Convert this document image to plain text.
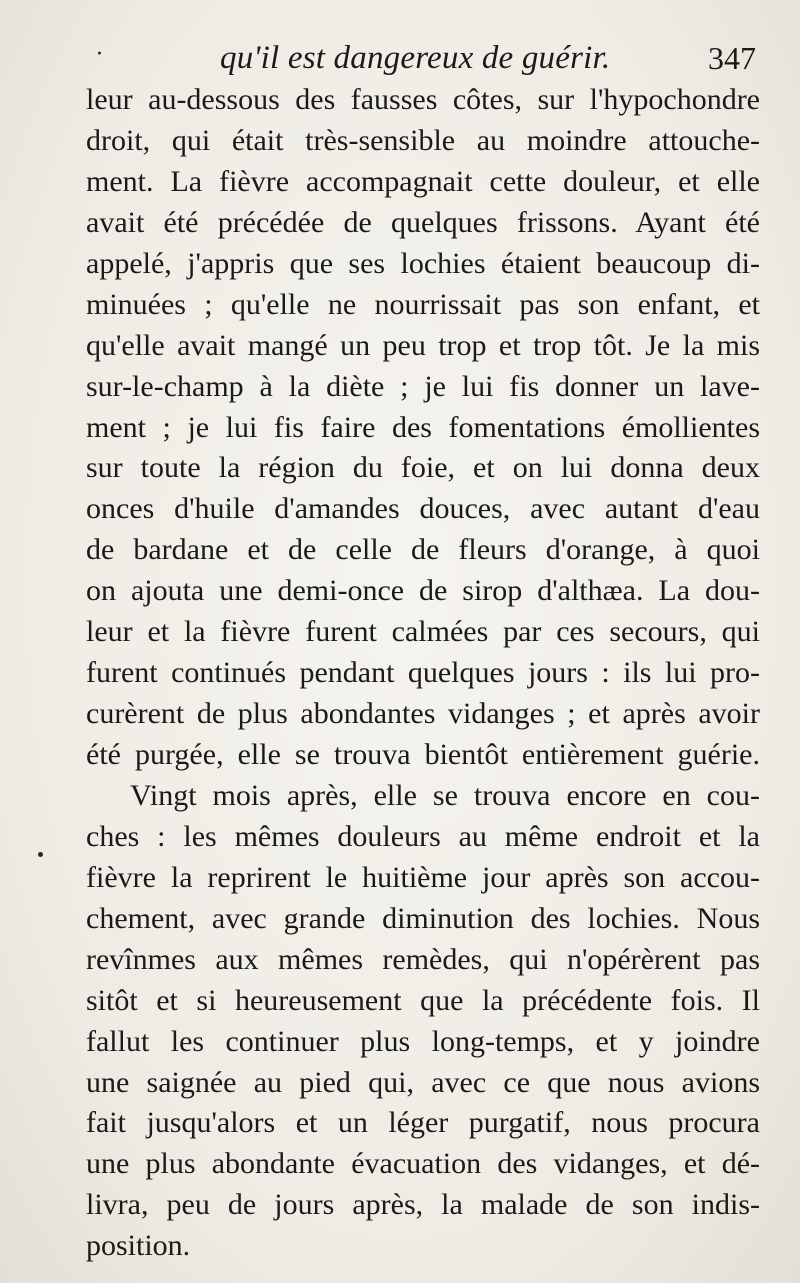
·	qu'il est dangereux de guérir.	347
leur au-dessous des fausses côtes, sur l'hypochondre
droit, qui était très-sensible au moindre attouche-
ment. La fièvre accompagnait cette douleur, et elle
avait été précédée de quelques frissons. Ayant été
appelé, j'appris que ses lochies étaient beaucoup di-
minuées ; qu'elle ne nourrissait pas son enfant, et
qu'elle avait mangé un peu trop et trop tôt. Je la mis
sur-le-champ à la diète ; je lui fis donner un lave-
ment ; je lui fis faire des fomentations émollientes
sur toute la région du foie, et on lui donna deux
onces d'huile d'amandes douces, avec autant d'eau
de bardane et de celle de fleurs d'orange, à quoi
on ajouta une demi-once de sirop d'althæa. La dou-
leur et la fièvre furent calmées par ces secours, qui
furent continués pendant quelques jours : ils lui pro-
curèrent de plus abondantes vidanges ; et après avoir
été purgée, elle se trouva bientôt entièrement guérie.
Vingt mois après, elle se trouva encore en cou-
ches : les mêmes douleurs au même endroit et la
fièvre la reprirent le huitième jour après son accou-
chement, avec grande diminution des lochies. Nous
revînmes aux mêmes remèdes, qui n'opérèrent pas
sitôt et si heureusement que la précédente fois. Il
fallut les continuer plus long-temps, et y joindre
une saignée au pied qui, avec ce que nous avions
fait jusqu'alors et un léger purgatif, nous procura
une plus abondante évacuation des vidanges, et dé-
livra, peu de jours après, la malade de son indis-
position.
